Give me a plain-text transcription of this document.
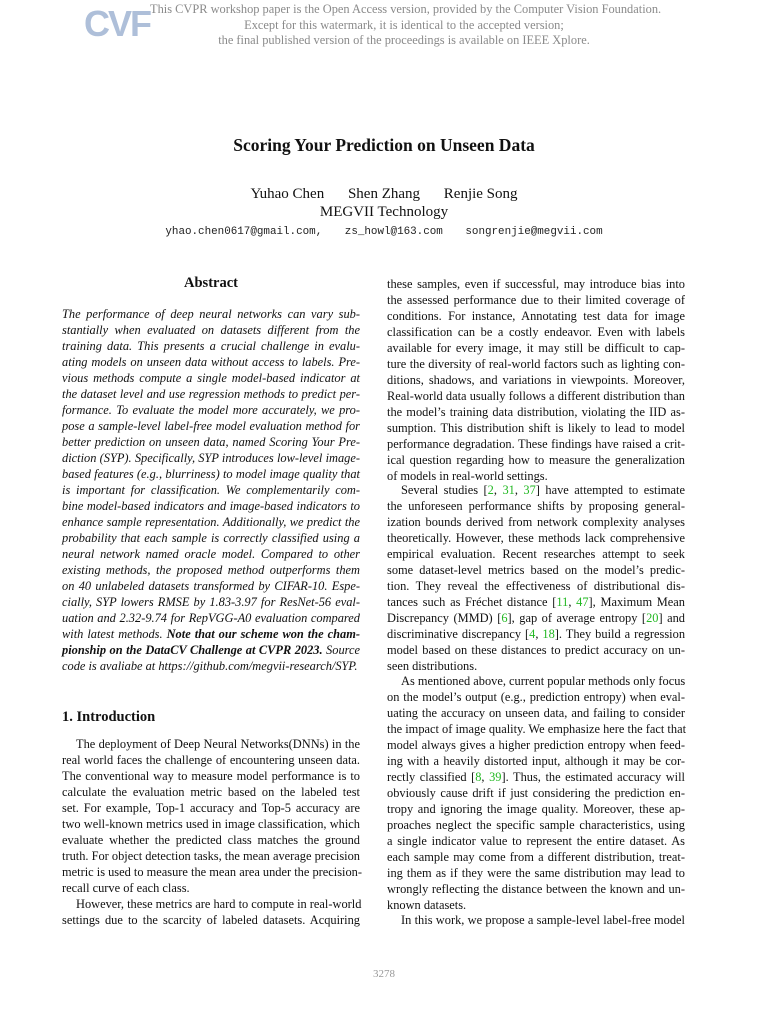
CVF This CVPR workshop paper is the Open Access version, provided by the Computer Vision Foundation.
Except for this watermark, it is identical to the accepted version;
the final published version of the proceedings is available on IEEE Xplore.
Scoring Your Prediction on Unseen Data
Yuhao Chen Shen Zhang Renjie Song
MEGVII Technology
yhao.chen0617@gmail.com, zs_howl@163.com songrenjie@megvii.com
Abstract
The performance of deep neural networks can vary sub-
stantially when evaluated on datasets different from the
training data. This presents a crucial challenge in evalu-
ating models on unseen data without access to labels. Pre-
vious methods compute a single model-based indicator at
the dataset level and use regression methods to predict per-
formance. To evaluate the model more accurately, we pro-
pose a sample-level label-free model evaluation method for
better prediction on unseen data, named Scoring Your Pre-
diction (SYP). Specifically, SYP introduces low-level image-
based features (e.g., blurriness) to model image quality that
is important for classification. We complementarily com-
bine model-based indicators and image-based indicators to
enhance sample representation. Additionally, we predict the
probability that each sample is correctly classified using a
neural network named oracle model. Compared to other
existing methods, the proposed method outperforms them
on 40 unlabeled datasets transformed by CIFAR-10. Espe-
cially, SYP lowers RMSE by 1.83-3.97 for ResNet-56 eval-
uation and 2.32-9.74 for RepVGG-A0 evaluation compared
with latest methods. Note that our scheme won the cham-
pionship on the DataCV Challenge at CVPR 2023. Source
code is avaliabe at https://github.com/megvii-research/SYP.
1. Introduction
The deployment of Deep Neural Networks(DNNs) in the
real world faces the challenge of encountering unseen data.
The conventional way to measure model performance is to
calculate the evaluation metric based on the labeled test
set. For example, Top-1 accuracy and Top-5 accuracy are
two well-known metrics used in image classification, which
evaluate whether the predicted class matches the ground
truth. For object detection tasks, the mean average precision
metric is used to measure the mean area under the precision-
recall curve of each class.
However, these metrics are hard to compute in real-world
settings due to the scarcity of labeled datasets. Acquiring
these samples, even if successful, may introduce bias into
the assessed performance due to their limited coverage of
conditions. For instance, Annotating test data for image
classification can be a costly endeavor. Even with labels
available for every image, it may still be difficult to cap-
ture the diversity of real-world factors such as lighting con-
ditions, shadows, and variations in viewpoints. Moreover,
Real-world data usually follows a different distribution than
the model’s training data distribution, violating the IID as-
sumption. This distribution shift is likely to lead to model
performance degradation. These findings have raised a crit-
ical question regarding how to measure the generalization
of models in real-world settings.
Several studies [2, 31, 37] have attempted to estimate
the unforeseen performance shifts by proposing general-
ization bounds derived from network complexity analyses
theoretically. However, these methods lack comprehensive
empirical evaluation. Recent researches attempt to seek
some dataset-level metrics based on the model’s predic-
tion. They reveal the effectiveness of distributional dis-
tances such as Fréchet distance [11, 47], Maximum Mean
Discrepancy (MMD) [6], gap of average entropy [20] and
discriminative discrepancy [4, 18]. They build a regression
model based on these distances to predict accuracy on un-
seen distributions.
As mentioned above, current popular methods only focus
on the model’s output (e.g., prediction entropy) when eval-
uating the accuracy on unseen data, and failing to consider
the impact of image quality. We emphasize here the fact that
model always gives a higher prediction entropy when feed-
ing with a heavily distorted input, although it may be cor-
rectly classified [8, 39]. Thus, the estimated accuracy will
obviously cause drift if just considering the prediction en-
tropy and ignoring the image quality. Moreover, these ap-
proaches neglect the specific sample characteristics, using
a single indicator value to represent the entire dataset. As
each sample may come from a different distribution, treat-
ing them as if they were the same distribution may lead to
wrongly reflecting the distance between the known and un-
known datasets.
In this work, we propose a sample-level label-free model
3278
